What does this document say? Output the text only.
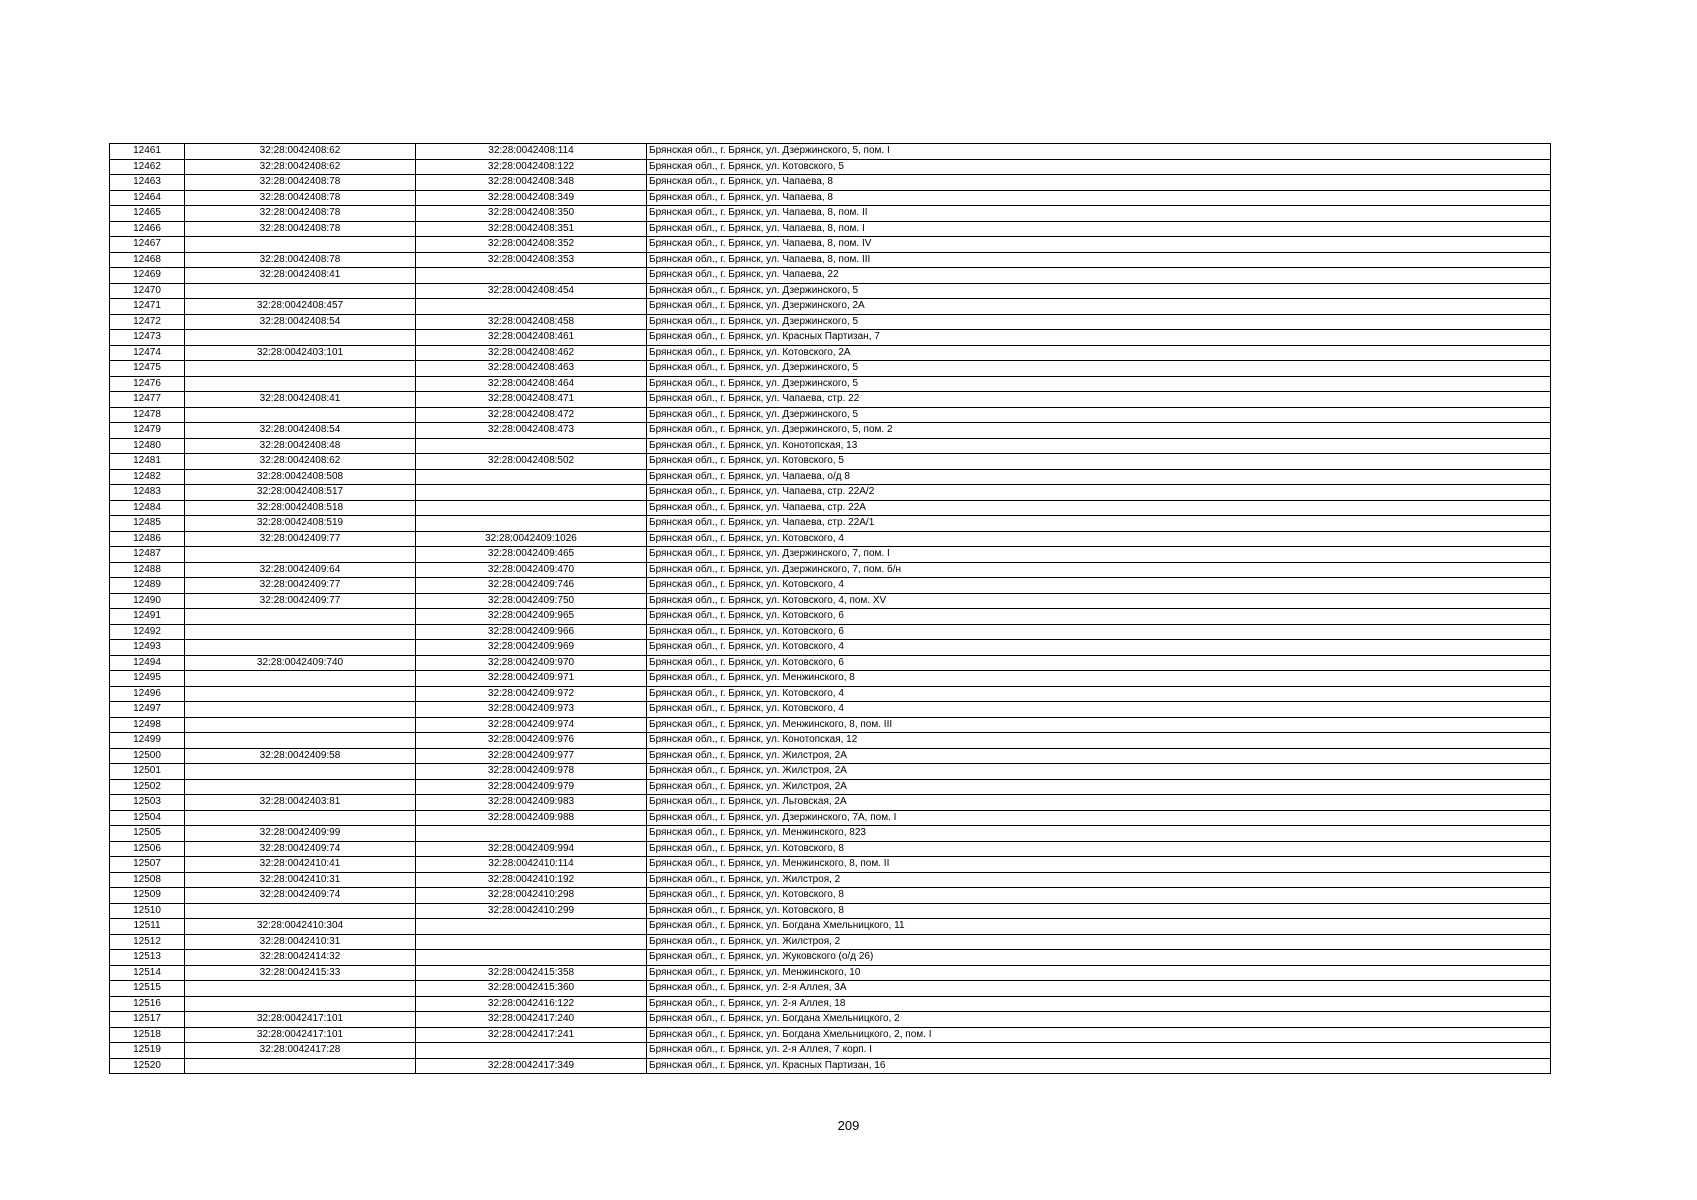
12461	32:28:0042408:62	32:28:0042408:114	Брянская обл., г. Брянск, ул. Дзержинского, 5, пом. I
12462	32:28:0042408:62	32:28:0042408:122	Брянская обл., г. Брянск, ул. Котовского, 5
12463	32:28:0042408:78	32:28:0042408:348	Брянская обл., г. Брянск, ул. Чапаева, 8
12464	32:28:0042408:78	32:28:0042408:349	Брянская обл., г. Брянск, ул. Чапаева, 8
12465	32:28:0042408:78	32:28:0042408:350	Брянская обл., г. Брянск, ул. Чапаева, 8, пом. II
12466	32:28:0042408:78	32:28:0042408:351	Брянская обл., г. Брянск, ул. Чапаева, 8, пом. I
12467		32:28:0042408:352	Брянская обл., г. Брянск, ул. Чапаева, 8, пом. IV
12468	32:28:0042408:78	32:28:0042408:353	Брянская обл., г. Брянск, ул. Чапаева, 8, пом. III
12469	32:28:0042408:41		Брянская обл., г. Брянск, ул. Чапаева, 22
12470		32:28:0042408:454	Брянская обл., г. Брянск, ул. Дзержинского, 5
12471	32:28:0042408:457		Брянская обл., г. Брянск, ул. Дзержинского, 2А
12472	32:28:0042408:54	32:28:0042408:458	Брянская обл., г. Брянск, ул. Дзержинского, 5
12473		32:28:0042408:461	Брянская обл., г. Брянск, ул. Красных Партизан, 7
12474	32:28:0042403:101	32:28:0042408:462	Брянская обл., г. Брянск, ул. Котовского, 2А
12475		32:28:0042408:463	Брянская обл., г. Брянск, ул. Дзержинского, 5
12476		32:28:0042408:464	Брянская обл., г. Брянск, ул. Дзержинского, 5
12477	32:28:0042408:41	32:28:0042408:471	Брянская обл., г. Брянск, ул. Чапаева, стр. 22
12478		32:28:0042408:472	Брянская обл., г. Брянск, ул. Дзержинского, 5
12479	32:28:0042408:54	32:28:0042408:473	Брянская обл., г. Брянск, ул. Дзержинского, 5, пом. 2
12480	32:28:0042408:48		Брянская обл., г. Брянск, ул. Конотопская, 13
12481	32:28:0042408:62	32:28:0042408:502	Брянская обл., г. Брянск, ул. Котовского, 5
12482	32:28:0042408:508		Брянская обл., г. Брянск, ул. Чапаева, о/д 8
12483	32:28:0042408:517		Брянская обл., г. Брянск, ул. Чапаева, стр. 22А/2
12484	32:28:0042408:518		Брянская обл., г. Брянск, ул. Чапаева, стр. 22А
12485	32:28:0042408:519		Брянская обл., г. Брянск, ул. Чапаева, стр. 22А/1
12486	32:28:0042409:77	32:28:0042409:1026	Брянская обл., г. Брянск, ул. Котовского, 4
12487		32:28:0042409:465	Брянская обл., г. Брянск, ул. Дзержинского, 7, пом. I
12488	32:28:0042409:64	32:28:0042409:470	Брянская обл., г. Брянск, ул. Дзержинского, 7, пом. б/н
12489	32:28:0042409:77	32:28:0042409:746	Брянская обл., г. Брянск, ул. Котовского, 4
12490	32:28:0042409:77	32:28:0042409:750	Брянская обл., г. Брянск, ул. Котовского, 4, пом. XV
12491		32:28:0042409:965	Брянская обл., г. Брянск, ул. Котовского, 6
12492		32:28:0042409:966	Брянская обл., г. Брянск, ул. Котовского, 6
12493		32:28:0042409:969	Брянская обл., г. Брянск, ул. Котовского, 4
12494	32:28:0042409:740	32:28:0042409:970	Брянская обл., г. Брянск, ул. Котовского, 6
12495		32:28:0042409:971	Брянская обл., г. Брянск, ул. Менжинского, 8
12496		32:28:0042409:972	Брянская обл., г. Брянск, ул. Котовского, 4
12497		32:28:0042409:973	Брянская обл., г. Брянск, ул. Котовского, 4
12498		32:28:0042409:974	Брянская обл., г. Брянск, ул. Менжинского, 8, пом. III
12499		32:28:0042409:976	Брянская обл., г. Брянск, ул. Конотопская, 12
12500	32:28:0042409:58	32:28:0042409:977	Брянская обл., г. Брянск, ул. Жилстроя, 2А
12501		32:28:0042409:978	Брянская обл., г. Брянск, ул. Жилстроя, 2А
12502		32:28:0042409:979	Брянская обл., г. Брянск, ул. Жилстроя, 2А
12503	32:28:0042403:81	32:28:0042409:983	Брянская обл., г. Брянск, ул. Льговская, 2А
12504		32:28:0042409:988	Брянская обл., г. Брянск, ул. Дзержинского, 7А, пом. I
12505	32:28:0042409:99		Брянская обл., г. Брянск, ул. Менжинского, 823
12506	32:28:0042409:74	32:28:0042409:994	Брянская обл., г. Брянск, ул. Котовского, 8
12507	32:28:0042410:41	32:28:0042410:114	Брянская обл., г. Брянск, ул. Менжинского, 8, пом. II
12508	32:28:0042410:31	32:28:0042410:192	Брянская обл., г. Брянск, ул. Жилстроя, 2
12509	32:28:0042409:74	32:28:0042410:298	Брянская обл., г. Брянск, ул. Котовского, 8
12510		32:28:0042410:299	Брянская обл., г. Брянск, ул. Котовского, 8
12511	32:28:0042410:304		Брянская обл., г. Брянск, ул. Богдана Хмельницкого, 11
12512	32:28:0042410:31		Брянская обл., г. Брянск, ул. Жилстроя, 2
12513	32:28:0042414:32		Брянская обл., г. Брянск, ул. Жуковского (о/д 26)
12514	32:28:0042415:33	32:28:0042415:358	Брянская обл., г. Брянск, ул. Менжинского, 10
12515		32:28:0042415:360	Брянская обл., г. Брянск, ул. 2-я Аллея, 3А
12516		32:28:0042416:122	Брянская обл., г. Брянск, ул. 2-я Аллея, 18
12517	32:28:0042417:101	32:28:0042417:240	Брянская обл., г. Брянск, ул. Богдана Хмельницкого, 2
12518	32:28:0042417:101	32:28:0042417:241	Брянская обл., г. Брянск, ул. Богдана Хмельницкого, 2, пом. I
12519	32:28:0042417:28		Брянская обл., г. Брянск, ул. 2-я Аллея, 7 корп. I
12520		32:28:0042417:349	Брянская обл., г. Брянск, ул. Красных Партизан, 16
209
